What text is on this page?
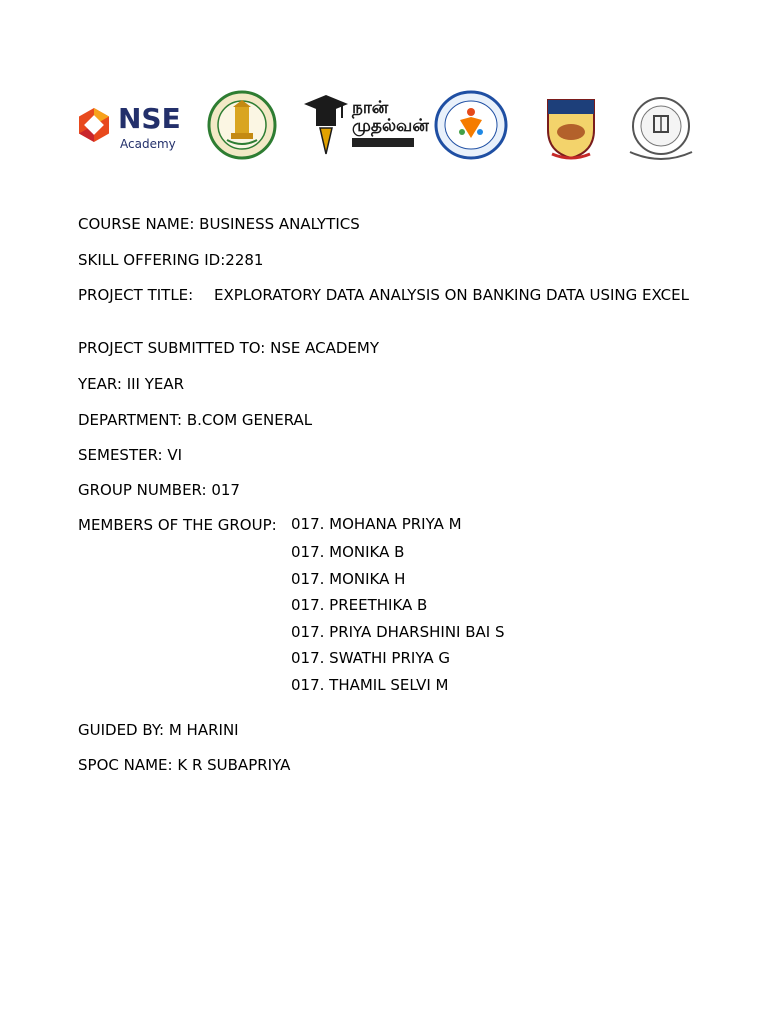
NSE
Academy
நான்
முதல்வன்
COURSE NAME: BUSINESS ANALYTICS
SKILL OFFERING ID:2281
PROJECT TITLE: EXPLORATORY DATA ANALYSIS ON BANKING DATA USING EXCEL
PROJECT SUBMITTED TO: NSE ACADEMY
YEAR: III YEAR
DEPARTMENT: B.COM GENERAL
SEMESTER: VI
GROUP NUMBER: 017
MEMBERS OF THE GROUP: 017. MOHANA PRIYA M
017. MONIKA B
017. MONIKA H
017. PREETHIKA B
017. PRIYA DHARSHINI BAI S
017. SWATHI PRIYA G
017. THAMIL SELVI M
GUIDED BY: M HARINI
SPOC NAME: K R SUBAPRIYA
